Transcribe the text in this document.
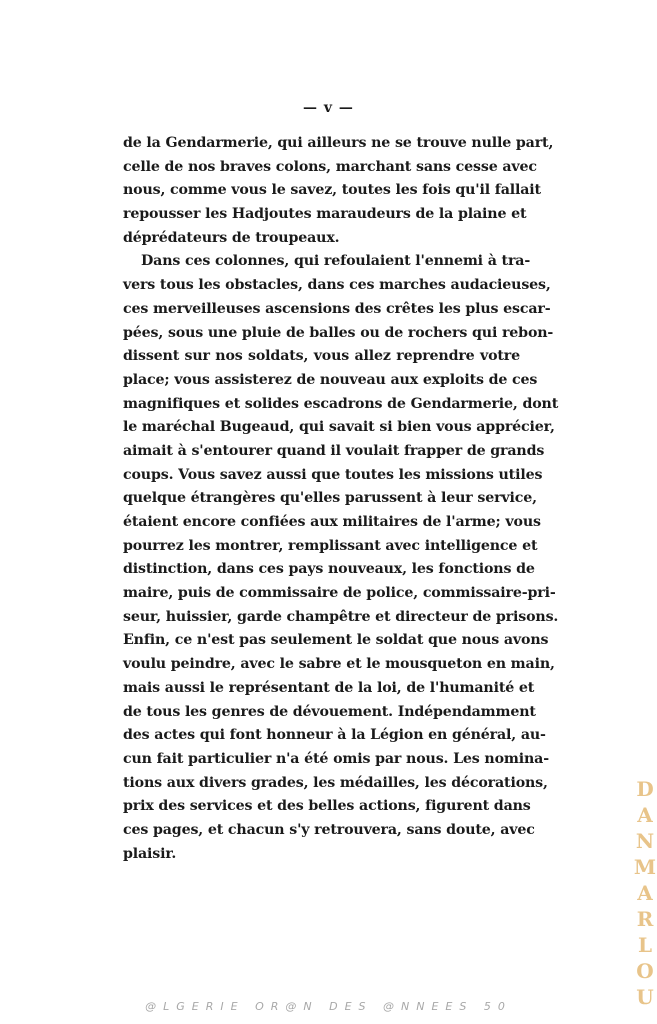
— v —
de la Gendarmerie, qui ailleurs ne se trouve nulle part,
celle de nos braves colons, marchant sans cesse avec
nous, comme vous le savez, toutes les fois qu'il fallait
repousser les Hadjoutes maraudeurs de la plaine et
déprédateurs de troupeaux.
Dans ces colonnes, qui refoulaient l'ennemi à tra-
vers tous les obstacles, dans ces marches audacieuses,
ces merveilleuses ascensions des crêtes les plus escar-
pées, sous une pluie de balles ou de rochers qui rebon-
dissent sur nos soldats, vous allez reprendre votre
place; vous assisterez de nouveau aux exploits de ces
magnifiques et solides escadrons de Gendarmerie, dont
le maréchal Bugeaud, qui savait si bien vous apprécier,
aimait à s'entourer quand il voulait frapper de grands
coups. Vous savez aussi que toutes les missions utiles
quelque étrangères qu'elles parussent à leur service,
étaient encore confiées aux militaires de l'arme; vous
pourrez les montrer, remplissant avec intelligence et
distinction, dans ces pays nouveaux, les fonctions de
maire, puis de commissaire de police, commissaire-pri-
seur, huissier, garde champêtre et directeur de prisons.
Enfin, ce n'est pas seulement le soldat que nous avons
voulu peindre, avec le sabre et le mousqueton en main,
mais aussi le représentant de la loi, de l'humanité et
de tous les genres de dévouement. Indépendamment
des actes qui font honneur à la Légion en général, au-
cun fait particulier n'a été omis par nous. Les nomina-
tions aux divers grades, les médailles, les décorations,
prix des services et des belles actions, figurent dans
ces pages, et chacun s'y retrouvera, sans doute, avec
plaisir.
D
A
N
M
A
R
L
O
U
@LGERIE OR@N DES @NNEES 50
